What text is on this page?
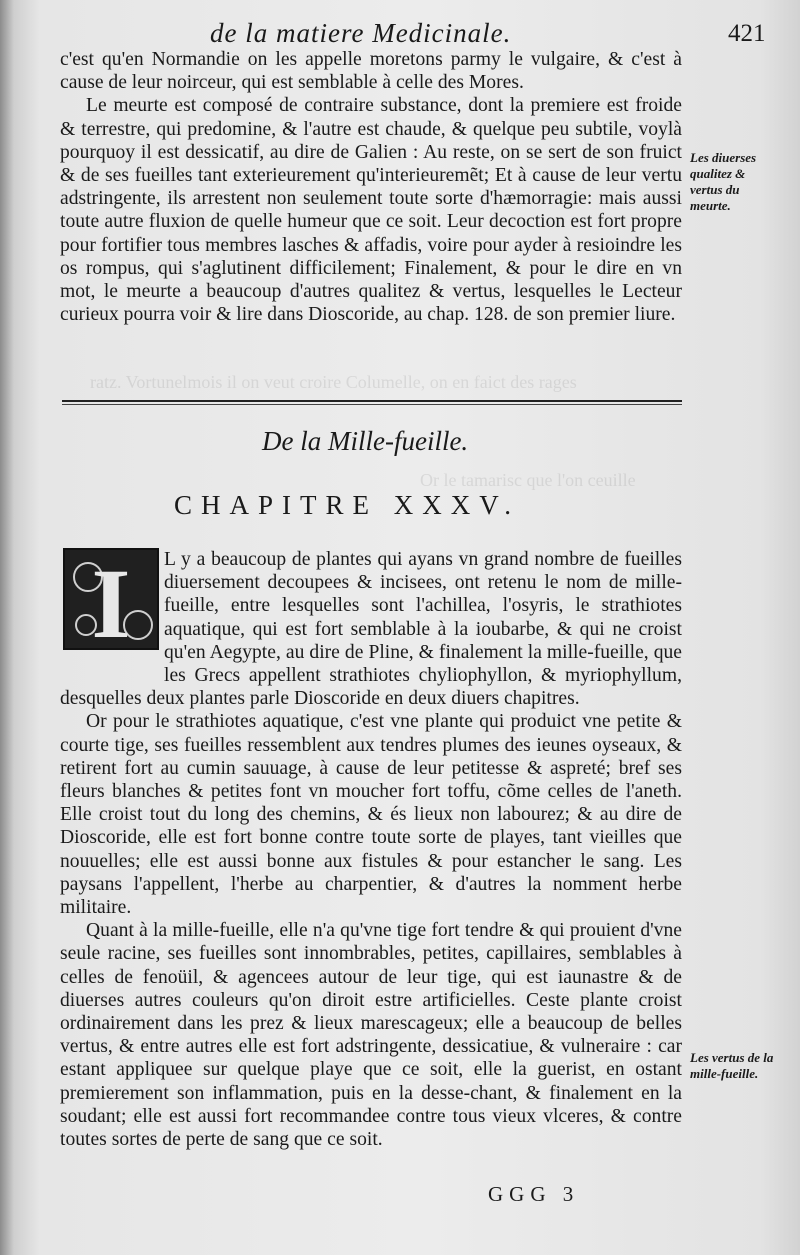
ratz. Vortunelmois il on veut croire Columelle, on en faict des rages
Or le tamarisc que l'on ceuille
de la matiere Medicinale.	421

c'est qu'en Normandie on les appelle moretons parmy le vulgaire, & c'est à cause de leur noirceur, qui est semblable à celle des Mores.

Le meurte est composé de contraire substance, dont la premiere est froide & terrestre, qui predomine, & l'autre est chaude, & quelque peu subtile, voylà pourquoy il est dessicatif, au dire de Galien : Au reste, on se sert de son fruict & de ses fueilles tant exterieurement qu'interieuremẽt; Et à cause de leur vertu adstringente, ils arrestent non seulement toute sorte d'hæmorragie: mais aussi toute autre fluxion de quelle humeur que ce soit. Leur decoction est fort propre pour fortifier tous membres lasches & affadis, voire pour ayder à resioindre les os rompus, qui s'aglutinent difficilement; Finalement, & pour le dire en vn mot, le meurte a beaucoup d'autres qualitez & vertus, lesquelles le Lecteur curieux pourra voir & lire dans Dioscoride, au chap. 128. de son premier liure.

Les diuerses qualitez & vertus du meurte.
De la Mille-fueille.
CHAPITRE XXXV.

L y a beaucoup de plantes qui ayans vn grand nombre de fueilles diuersement decoupees & incisees, ont retenu le nom de mille-fueille, entre lesquelles sont l'achillea, l'osyris, le strathiotes aquatique, qui est fort semblable à la ioubarbe, & qui ne croist qu'en Aegypte, au dire de Pline, & finalement la mille-fueille, que les Grecs appellent strathiotes chyliophyllon, & myriophyllum, desquelles deux plantes parle Dioscoride en deux diuers chapitres.

Or pour le strathiotes aquatique, c'est vne plante qui produict vne petite & courte tige, ses fueilles ressemblent aux tendres plumes des ieunes oyseaux, & retirent fort au cumin sauuage, à cause de leur petitesse & aspreté; bref ses fleurs blanches & petites font vn moucher fort toffu, cõme celles de l'aneth. Elle croist tout du long des chemins, & és lieux non labourez; & au dire de Dioscoride, elle est fort bonne contre toute sorte de playes, tant vieilles que nouuelles; elle est aussi bonne aux fistules & pour estancher le sang. Les paysans l'appellent, l'herbe au charpentier, & d'autres la nomment herbe militaire.

Quant à la mille-fueille, elle n'a qu'vne tige fort tendre & qui prouient d'vne seule racine, ses fueilles sont innombrables, petites, capillaires, semblables à celles de fenoüil, & agencees autour de leur tige, qui est iaunastre & de diuerses autres couleurs qu'on diroit estre artificielles. Ceste plante croist ordinairement dans les prez & lieux marescageux; elle a beaucoup de belles vertus, & entre autres elle est fort adstringente, dessicatiue, & vulneraire : car estant appliquee sur quelque playe que ce soit, elle la guerist, en ostant premierement son inflammation, puis en la desse-chant, & finalement en la soudant; elle est aussi fort recommandee contre tous vieux vlceres, & contre toutes sortes de perte de sang que ce soit.

I
Les vertus de la mille-fueille.
GGG 3
